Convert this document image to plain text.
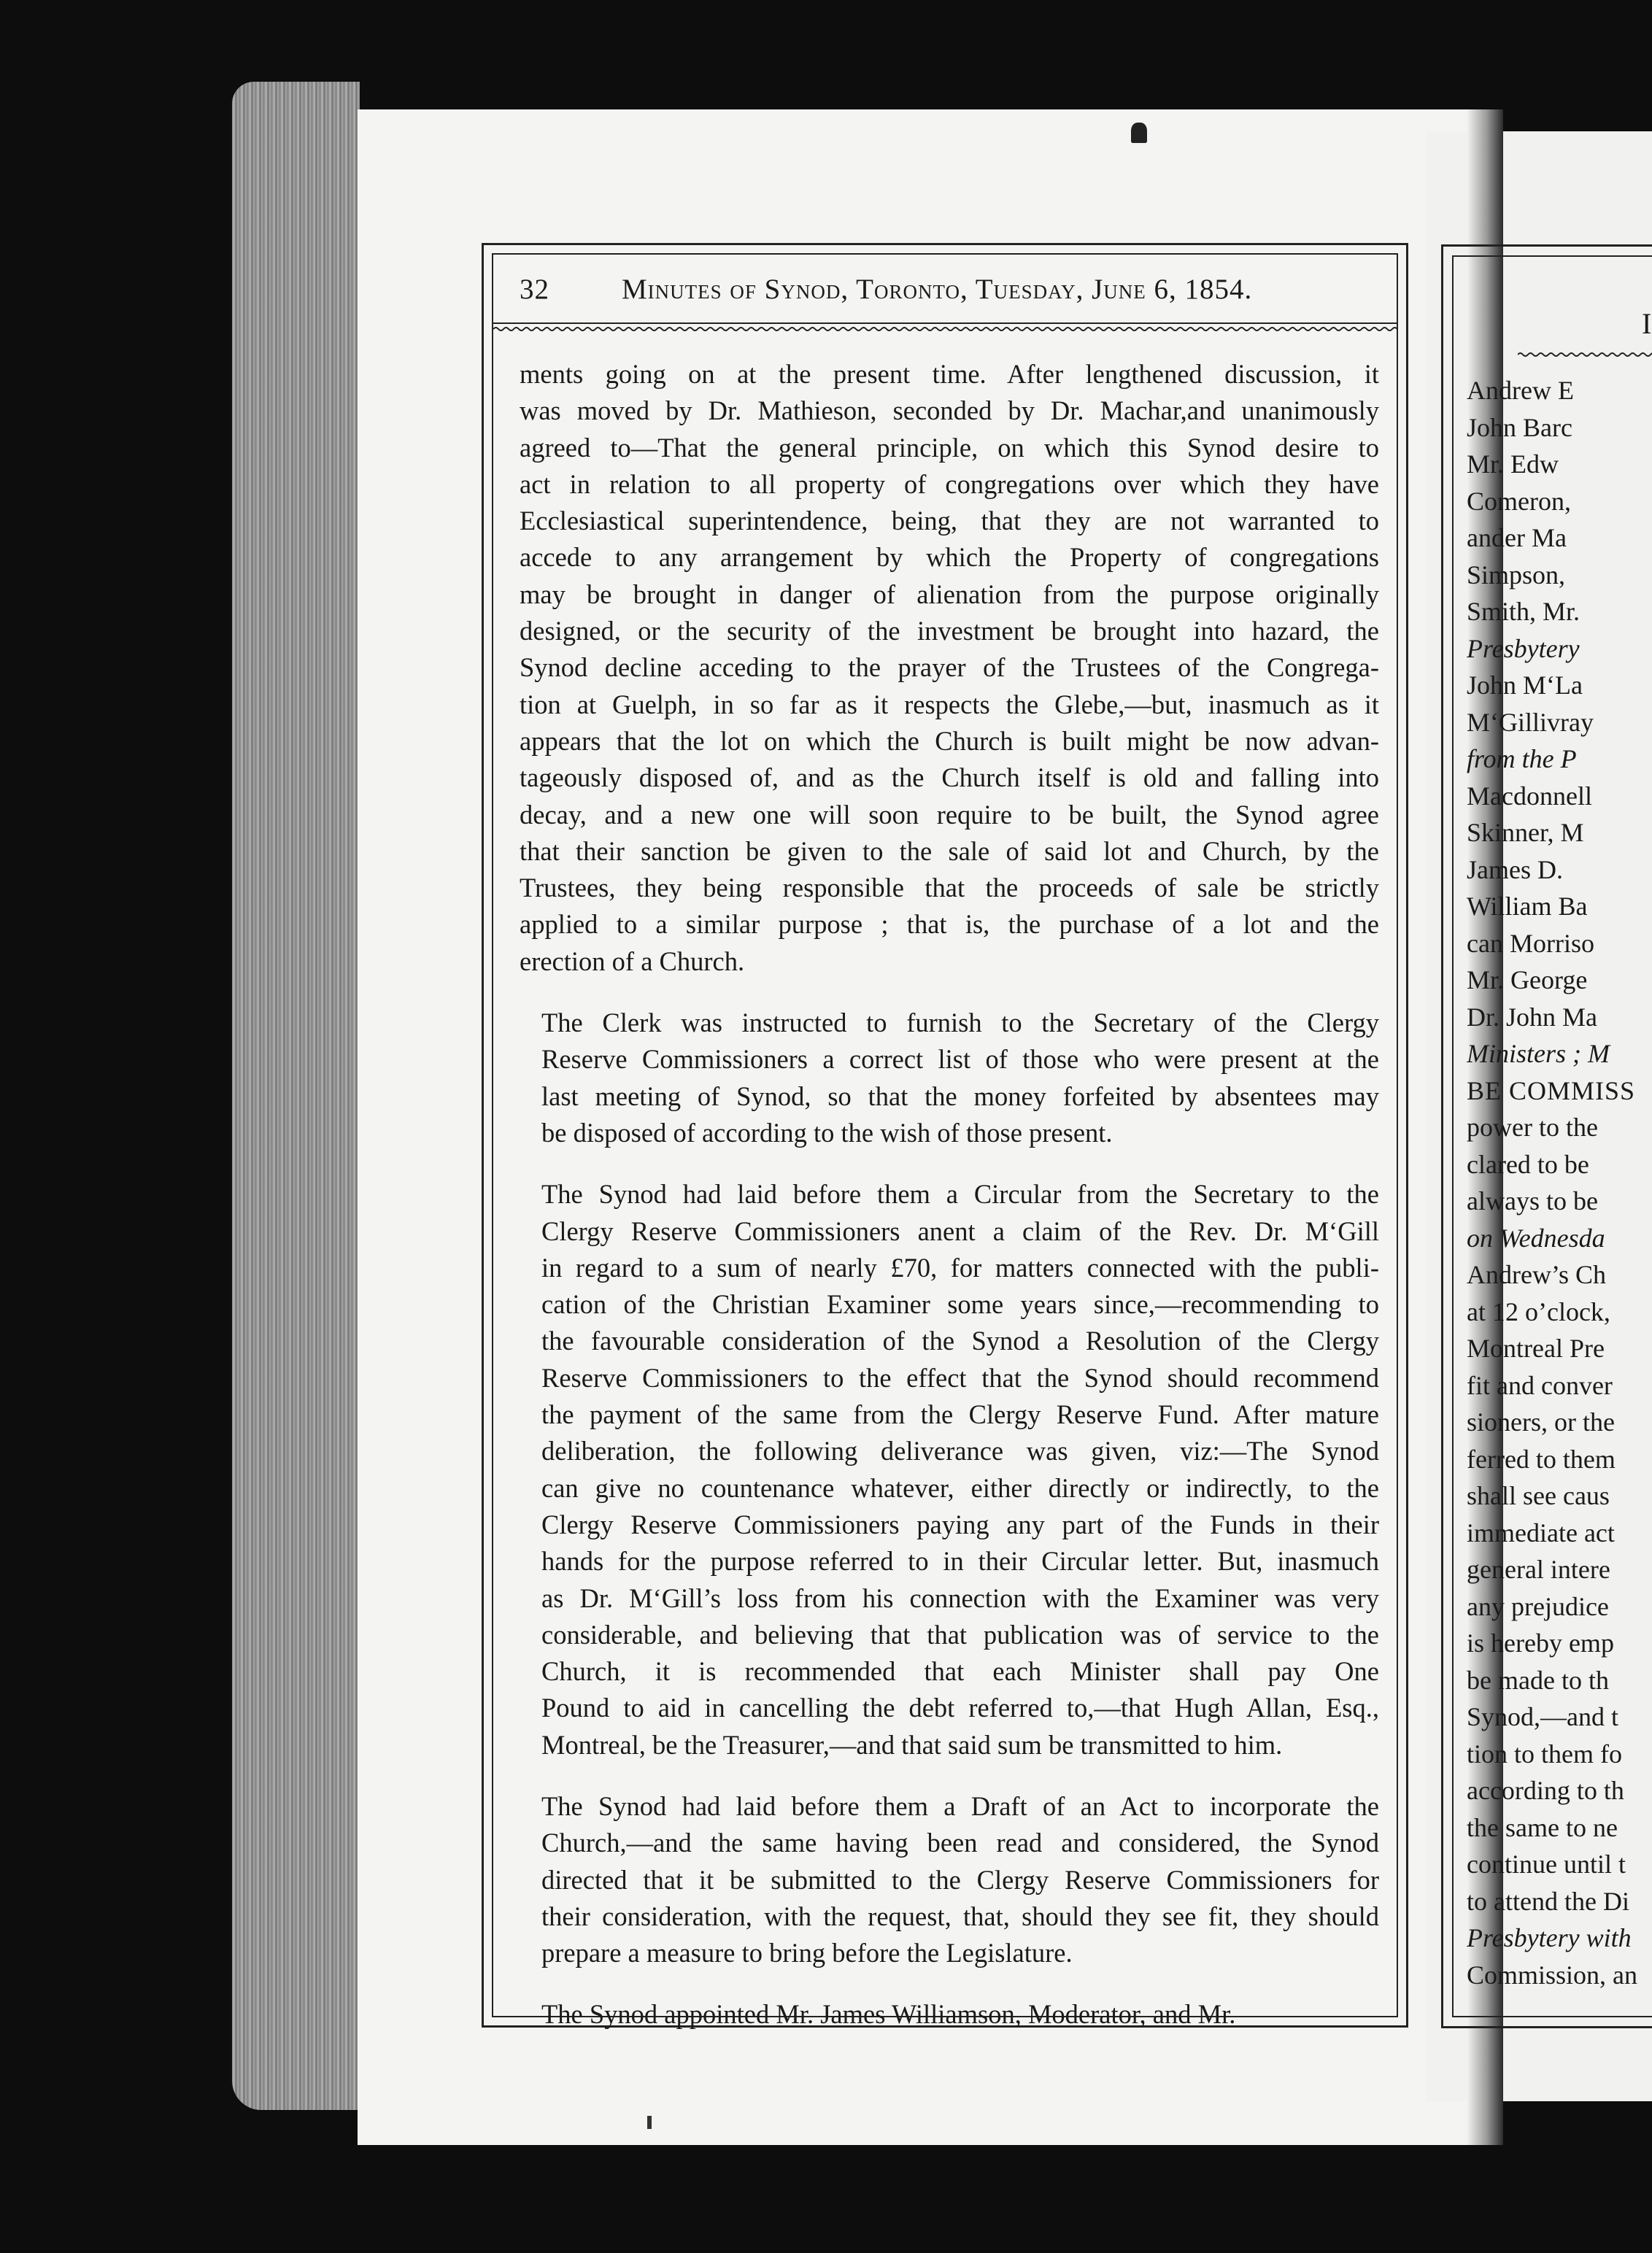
32	Minutes of Synod, Toronto, Tuesday, June 6, 1854.

ments going on at the present time. After lengthened discussion, it
was moved by Dr. Mathieson, seconded by Dr. Machar,and unanimously
agreed to—That the general principle, on which this Synod desire to
act in relation to all property of congregations over which they have
Ecclesiastical superintendence, being, that they are not warranted to
accede to any arrangement by which the Property of congregations
may be brought in danger of alienation from the purpose originally
designed, or the security of the investment be brought into hazard, the
Synod decline acceding to the prayer of the Trustees of the Congrega-
tion at Guelph, in so far as it respects the Glebe,—but, inasmuch as it
appears that the lot on which the Church is built might be now advan-
tageously disposed of, and as the Church itself is old and falling into
decay, and a new one will soon require to be built, the Synod agree
that their sanction be given to the sale of said lot and Church, by the
Trustees, they being responsible that the proceeds of sale be strictly
applied to a similar purpose ; that is, the purchase of a lot and the
erection of a Church.

The Clerk was instructed to furnish to the Secretary of the Clergy
Reserve Commissioners a correct list of those who were present at the
last meeting of Synod, so that the money forfeited by absentees may
be disposed of according to the wish of those present.

The Synod had laid before them a Circular from the Secretary to the
Clergy Reserve Commissioners anent a claim of the Rev. Dr. M‘Gill
in regard to a sum of nearly £70, for matters connected with the publi-
cation of the Christian Examiner some years since,—recommending to
the favourable consideration of the Synod a Resolution of the Clergy
Reserve Commissioners to the effect that the Synod should recommend
the payment of the same from the Clergy Reserve Fund. After mature
deliberation, the following deliverance was given, viz:—The Synod
can give no countenance whatever, either directly or indirectly, to the
Clergy Reserve Commissioners paying any part of the Funds in their
hands for the purpose referred to in their Circular letter. But, inasmuch
as Dr. M‘Gill’s loss from his connection with the Examiner was very
considerable, and believing that that publication was of service to the
Church, it is recommended that each Minister shall pay One
Pound to aid in cancelling the debt referred to,—that Hugh Allan, Esq.,
Montreal, be the Treasurer,—and that said sum be transmitted to him.

The Synod had laid before them a Draft of an Act to incorporate the
Church,—and the same having been read and considered, the Synod
directed that it be submitted to the Clergy Reserve Commissioners for
their consideration, with the request, that, should they see fit, they should
prepare a measure to bring before the Legislature.

The Synod appointed Mr. James Williamson, Moderator, and Mr.

I
Andrew E
John Barc
Mr. Edw
Comeron,
ander Ma
Simpson,
Smith, Mr.
Presbytery
John M‘La
M‘Gillivray
from the P
Macdonnell
Skinner, M
James D.
William Ba
can Morriso
Mr. George
Dr. John Ma
Ministers ; M
BE COMMISS
power to the
clared to be
always to be
on Wednesda
Andrew’s Ch
at 12 o’clock,
Montreal Pre
fit and conver
sioners, or the
ferred to them
shall see caus
immediate act
general intere
any prejudice
is hereby emp
be made to th
Synod,—and t
tion to them fo
according to th
the same to ne
continue until t
to attend the Di
Presbytery with
Commission, an
